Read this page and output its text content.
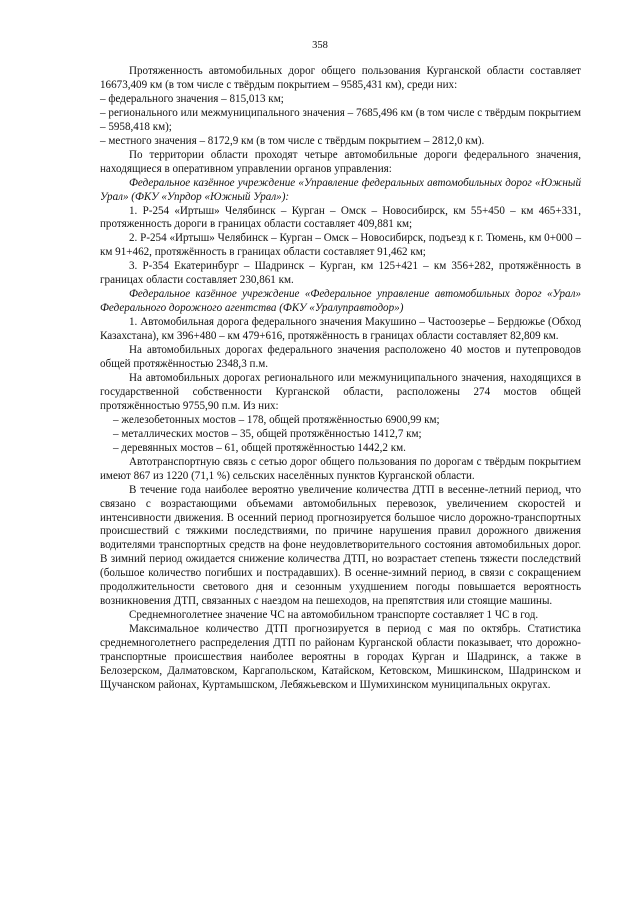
358

Протяженность автомобильных дорог общего пользования Курганской области составляет 16673,409 км (в том числе с твёрдым покрытием – 9585,431 км), среди них:

– федерального значения – 815,013 км;

– регионального или межмуниципального значения – 7685,496 км (в том числе с твёрдым покрытием – 5958,418 км);

– местного значения – 8172,9 км (в том числе с твёрдым покрытием – 2812,0 км).

По территории области проходят четыре автомобильные дороги федерального значения, находящиеся в оперативном управлении органов управления:

Федеральное казённое учреждение «Управление федеральных автомобильных дорог «Южный Урал» (ФКУ «Упрдор «Южный Урал»):

1. Р-254 «Иртыш» Челябинск – Курган – Омск – Новосибирск, км 55+450 – км 465+331, протяженность дороги в границах области составляет 409,881 км;

2. Р-254 «Иртыш» Челябинск – Курган – Омск – Новосибирск, подъезд к г. Тюмень, км 0+000 – км 91+462, протяжённость в границах области составляет 91,462 км;

3. Р-354 Екатеринбург – Шадринск – Курган, км 125+421 – км 356+282, протяжённость в границах области составляет 230,861 км.

Федеральное казённое учреждение «Федеральное управление автомобильных дорог «Урал» Федерального дорожного агентства (ФКУ «Уралуправтодор»)

1. Автомобильная дорога федерального значения Макушино – Частоозерье – Бердюжье (Обход Казахстана), км 396+480 – км 479+616, протяжённость в границах области составляет 82,809 км.

На автомобильных дорогах федерального значения расположено 40 мостов и путепроводов общей протяжённостью 2348,3 п.м.

На автомобильных дорогах регионального или межмуниципального значения, находящихся в государственной собственности Курганской области, расположены 274 мостов общей протяжённостью 9755,90 п.м. Из них:

– железобетонных мостов – 178, общей протяжённостью 6900,99 км;

– металлических мостов – 35, общей протяжённостью 1412,7 км;

– деревянных мостов – 61, общей протяжённостью 1442,2 км.

Автотранспортную связь с сетью дорог общего пользования по дорогам с твёрдым покрытием имеют 867 из 1220 (71,1 %) сельских населённых пунктов Курганской области.

В течение года наиболее вероятно увеличение количества ДТП в весенне-летний период, что связано с возрастающими объемами автомобильных перевозок, увеличением скоростей и интенсивности движения. В осенний период прогнозируется большое число дорожно-транспортных происшествий с тяжкими последствиями, по причине нарушения правил дорожного движения водителями транспортных средств на фоне неудовлетворительного состояния автомобильных дорог. В зимний период ожидается снижение количества ДТП, но возрастает степень тяжести последствий (большое количество погибших и пострадавших). В осенне-зимний период, в связи с сокращением продолжительности светового дня и сезонным ухудшением погоды повышается вероятность возникновения ДТП, связанных с наездом на пешеходов, на препятствия или стоящие машины.

Среднемноголетнее значение ЧС на автомобильном транспорте составляет 1 ЧС в год.

Максимальное количество ДТП прогнозируется в период с мая по октябрь. Статистика среднемноголетнего распределения ДТП по районам Курганской области показывает, что дорожно-транспортные происшествия наиболее вероятны в городах Курган и Шадринск, а также в Белозерском, Далматовском, Каргапольском, Катайском, Кетовском, Мишкинском, Шадринском и Щучанском районах, Куртамышском, Лебяжьевском и Шумихинском муниципальных округах.
